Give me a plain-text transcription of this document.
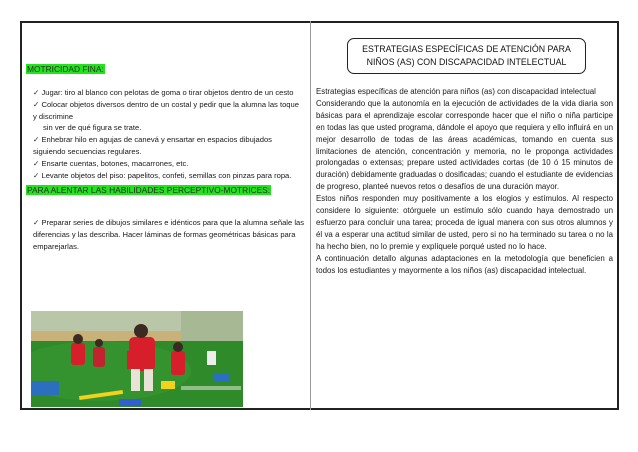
MOTRICIDAD FINA:

✓ Jugar: tiro al blanco con pelotas de goma o tirar objetos dentro de un cesto

✓ Colocar objetos diversos dentro de un costal y pedir que la alumna las toque y discrimine

sin ver de qué figura se trate.

✓ Enhebrar hilo en agujas de canevá y ensartar en espacios dibujados siguiendo secuencias regulares.

✓ Ensarte cuentas, botones, macarrones, etc.

✓ Levante objetos del piso: papelitos, confeti, semillas con pinzas para ropa.

PARA ALENTAR LAS HABILIDADES PERCEPTIVO-MOTRICES:

✓ Preparar series de dibujos similares e idénticos para que la alumna señale las diferencias y las describa. Hacer láminas de formas geométricas básicas para emparejarlas.

ESTRATEGIAS ESPECÍFICAS DE ATENCIÓN PARA NIÑOS (AS) CON DISCAPACIDAD INTELECTUAL

Estrategias específicas de atención para niños (as) con discapacidad intelectual

Considerando que la autonomía en la ejecución de actividades de la vida diaria son básicas para el aprendizaje escolar corresponde hacer que el niño o niña participe en todas las que usted programa, dándole el apoyo que requiera y ello influirá en un mejor desarrollo de todas de las áreas académicas, tomando en cuenta sus limitaciones de atención, concentración y memoria, no le proponga actividades prolongadas o extensas; prepare usted actividades cortas (de 10 ó 15 minutos de duración) debidamente graduadas o dosificadas; cuando el estudiante de evidencias de progreso, planteé nuevos retos o desafíos de una duración mayor.

Estos niños responden muy positivamente a los elogios y estímulos. Al respecto considere lo siguiente: otórguele un estímulo sólo cuando haya demostrado un esfuerzo para concluir una tarea; proceda de igual manera con sus otros alumnos y él va a esperar una actitud similar de usted, pero si no ha terminado su tarea o no la ha hecho bien, no lo premie y explíquele porqué usted no lo hace.

A continuación detallo algunas adaptaciones en la metodología que beneficien a todos los estudiantes y mayormente a los niños (as) discapacidad intelectual.
